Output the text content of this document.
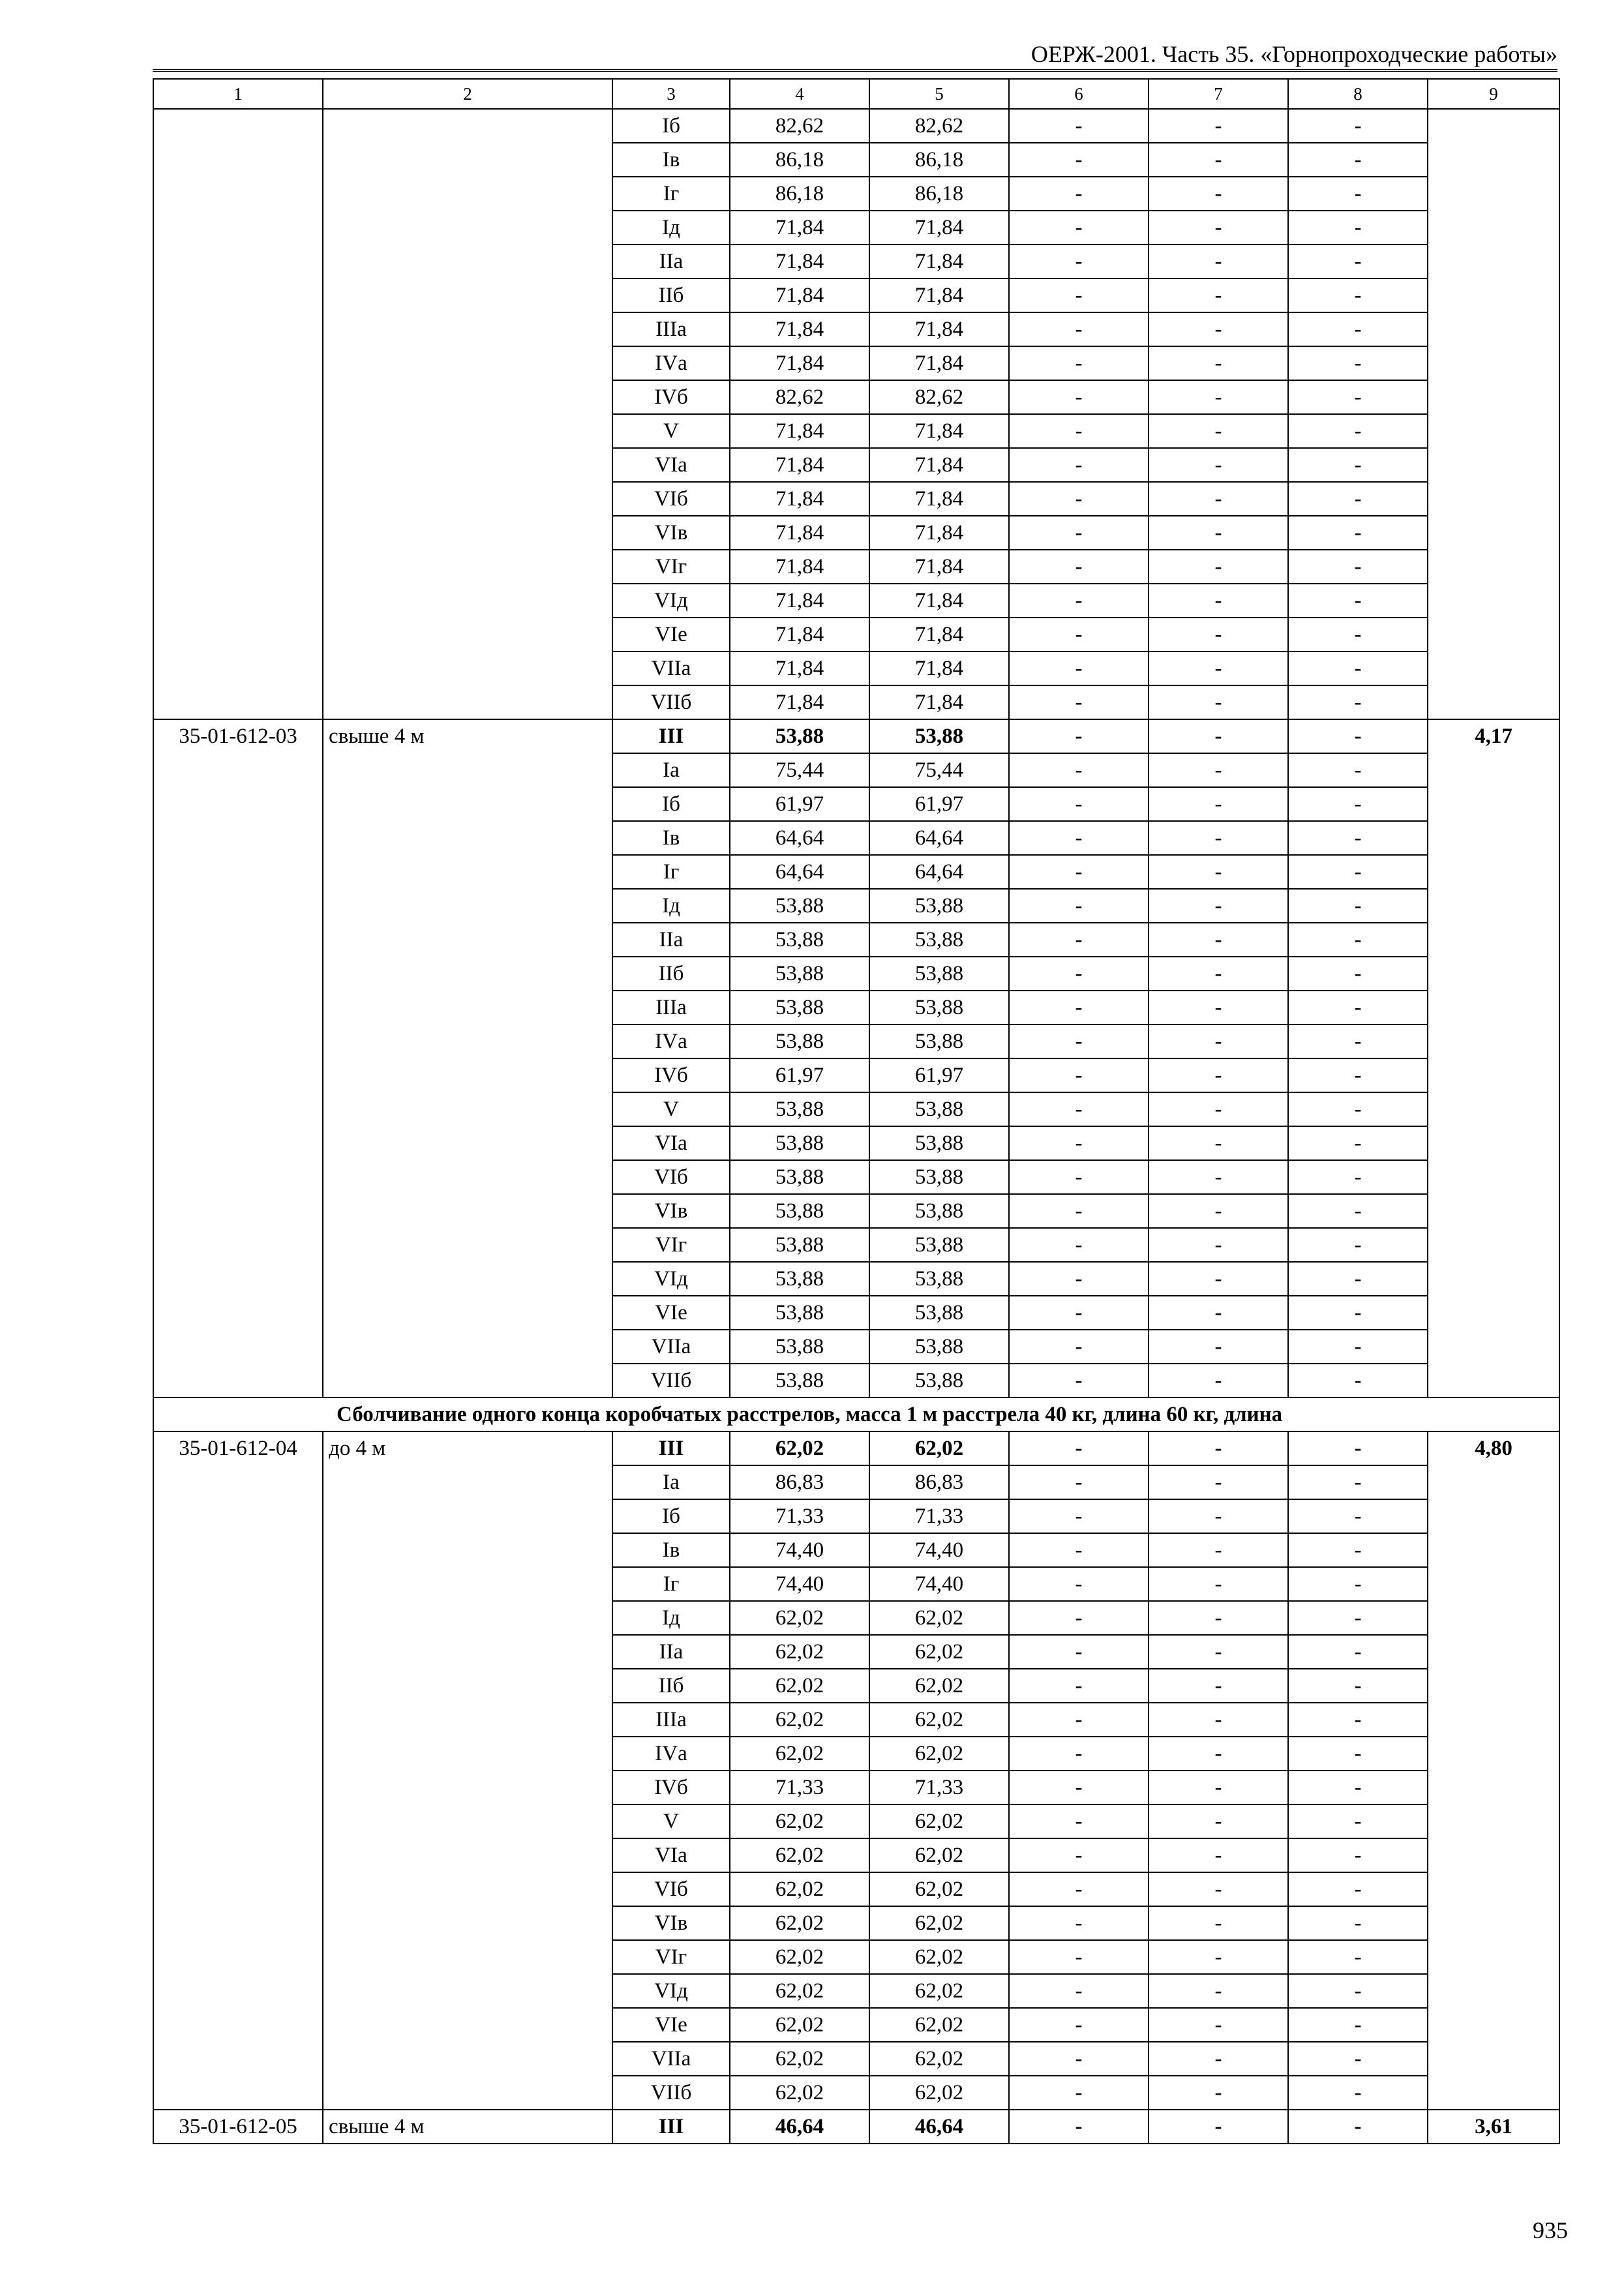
ОЕРЖ-2001. Часть 35. «Горнопроходческие работы»
1	2	3	4	5	6	7	8	9
		Iб	82,62	82,62	-	-	-	
		Iв	86,18	86,18	-	-	-	
		Iг	86,18	86,18	-	-	-	
		Iд	71,84	71,84	-	-	-	
		IIа	71,84	71,84	-	-	-	
		IIб	71,84	71,84	-	-	-	
		IIIа	71,84	71,84	-	-	-	
		IVа	71,84	71,84	-	-	-	
		IVб	82,62	82,62	-	-	-	
		V	71,84	71,84	-	-	-	
		VIа	71,84	71,84	-	-	-	
		VIб	71,84	71,84	-	-	-	
		VIв	71,84	71,84	-	-	-	
		VIг	71,84	71,84	-	-	-	
		VIд	71,84	71,84	-	-	-	
		VIе	71,84	71,84	-	-	-	
		VIIа	71,84	71,84	-	-	-	
		VIIб	71,84	71,84	-	-	-	
35-01-612-03	свыше 4 м	III	53,88	53,88	-	-	-	4,17
		Iа	75,44	75,44	-	-	-	
		Iб	61,97	61,97	-	-	-	
		Iв	64,64	64,64	-	-	-	
		Iг	64,64	64,64	-	-	-	
		Iд	53,88	53,88	-	-	-	
		IIа	53,88	53,88	-	-	-	
		IIб	53,88	53,88	-	-	-	
		IIIа	53,88	53,88	-	-	-	
		IVа	53,88	53,88	-	-	-	
		IVб	61,97	61,97	-	-	-	
		V	53,88	53,88	-	-	-	
		VIа	53,88	53,88	-	-	-	
		VIб	53,88	53,88	-	-	-	
		VIв	53,88	53,88	-	-	-	
		VIг	53,88	53,88	-	-	-	
		VIд	53,88	53,88	-	-	-	
		VIе	53,88	53,88	-	-	-	
		VIIа	53,88	53,88	-	-	-	
		VIIб	53,88	53,88	-	-	-	
Сболчивание одного конца коробчатых расстрелов, масса 1 м расстрела 40 кг, длина 60 кг, длина								
35-01-612-04	до 4 м	III	62,02	62,02	-	-	-	4,80
		Iа	86,83	86,83	-	-	-	
		Iб	71,33	71,33	-	-	-	
		Iв	74,40	74,40	-	-	-	
		Iг	74,40	74,40	-	-	-	
		Iд	62,02	62,02	-	-	-	
		IIа	62,02	62,02	-	-	-	
		IIб	62,02	62,02	-	-	-	
		IIIа	62,02	62,02	-	-	-	
		IVа	62,02	62,02	-	-	-	
		IVб	71,33	71,33	-	-	-	
		V	62,02	62,02	-	-	-	
		VIа	62,02	62,02	-	-	-	
		VIб	62,02	62,02	-	-	-	
		VIв	62,02	62,02	-	-	-	
		VIг	62,02	62,02	-	-	-	
		VIд	62,02	62,02	-	-	-	
		VIе	62,02	62,02	-	-	-	
		VIIа	62,02	62,02	-	-	-	
		VIIб	62,02	62,02	-	-	-	
35-01-612-05	свыше 4 м	III	46,64	46,64	-	-	-	3,61
935
